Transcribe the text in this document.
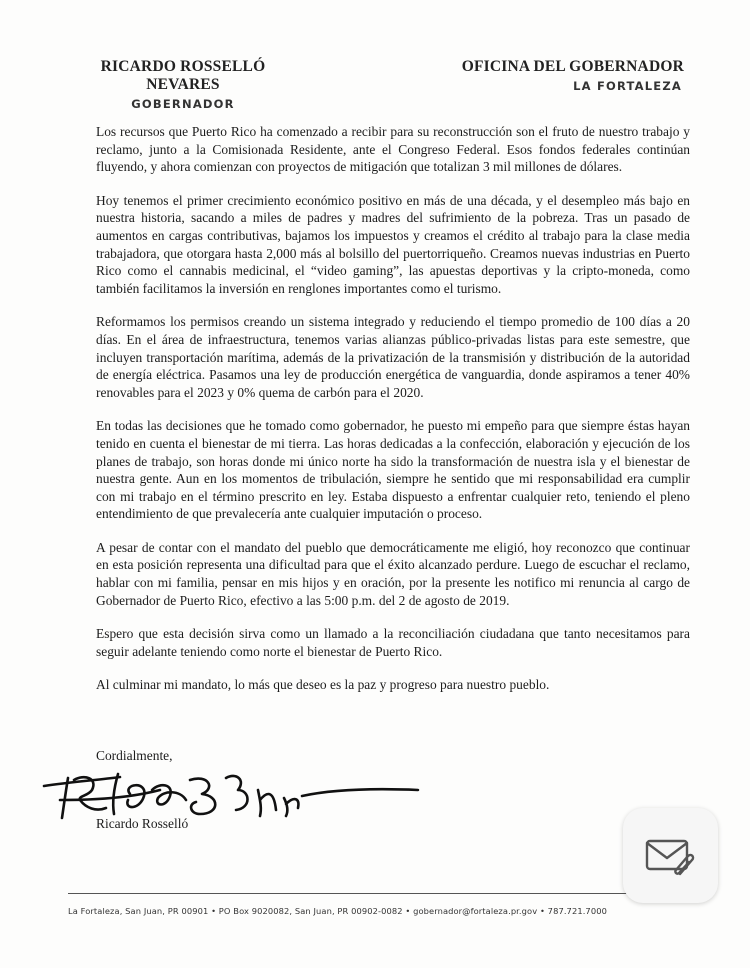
RICARDO ROSSELLÓ NEVARES
GOBERNADOR
OFICINA DEL GOBERNADOR
LA FORTALEZA

Los recursos que Puerto Rico ha comenzado a recibir para su reconstrucción son el fruto de nuestro trabajo y reclamo, junto a la Comisionada Residente, ante el Congreso Federal. Esos fondos federales continúan fluyendo, y ahora comienzan con proyectos de mitigación que totalizan 3 mil millones de dólares.

Hoy tenemos el primer crecimiento económico positivo en más de una década, y el desempleo más bajo en nuestra historia, sacando a miles de padres y madres del sufrimiento de la pobreza. Tras un pasado de aumentos en cargas contributivas, bajamos los impuestos y creamos el crédito al trabajo para la clase media trabajadora, que otorgara hasta 2,000 más al bolsillo del puertorriqueño. Creamos nuevas industrias en Puerto Rico como el cannabis medicinal, el “video gaming”, las apuestas deportivas y la cripto-moneda, como también facilitamos la inversión en renglones importantes como el turismo.

Reformamos los permisos creando un sistema integrado y reduciendo el tiempo promedio de 100 días a 20 días. En el área de infraestructura, tenemos varias alianzas público-privadas listas para este semestre, que incluyen transportación marítima, además de la privatización de la transmisión y distribución de la autoridad de energía eléctrica. Pasamos una ley de producción energética de vanguardia, donde aspiramos a tener 40% renovables para el 2023 y 0% quema de carbón para el 2020.

En todas las decisiones que he tomado como gobernador, he puesto mi empeño para que siempre éstas hayan tenido en cuenta el bienestar de mi tierra. Las horas dedicadas a la confección, elaboración y ejecución de los planes de trabajo, son horas donde mi único norte ha sido la transformación de nuestra isla y el bienestar de nuestra gente. Aun en los momentos de tribulación, siempre he sentido que mi responsabilidad era cumplir con mi trabajo en el término prescrito en ley. Estaba dispuesto a enfrentar cualquier reto, teniendo el pleno entendimiento de que prevalecería ante cualquier imputación o proceso.

A pesar de contar con el mandato del pueblo que democráticamente me eligió, hoy reconozco que continuar en esta posición representa una dificultad para que el éxito alcanzado perdure. Luego de escuchar el reclamo, hablar con mi familia, pensar en mis hijos y en oración, por la presente les notifico mi renuncia al cargo de Gobernador de Puerto Rico, efectivo a las 5:00 p.m. del 2 de agosto de 2019.

Espero que esta decisión sirva como un llamado a la reconciliación ciudadana que tanto necesitamos para seguir adelante teniendo como norte el bienestar de Puerto Rico.

Al culminar mi mandato, lo más que deseo es la paz y progreso para nuestro pueblo.

Cordialmente,
Ricardo Rosselló
Ricardo Rosselló
La Fortaleza, San Juan, PR 00901 • PO Box 9020082, San Juan, PR 00902-0082 • gobernador@fortaleza.pr.gov • 787.721.7000
